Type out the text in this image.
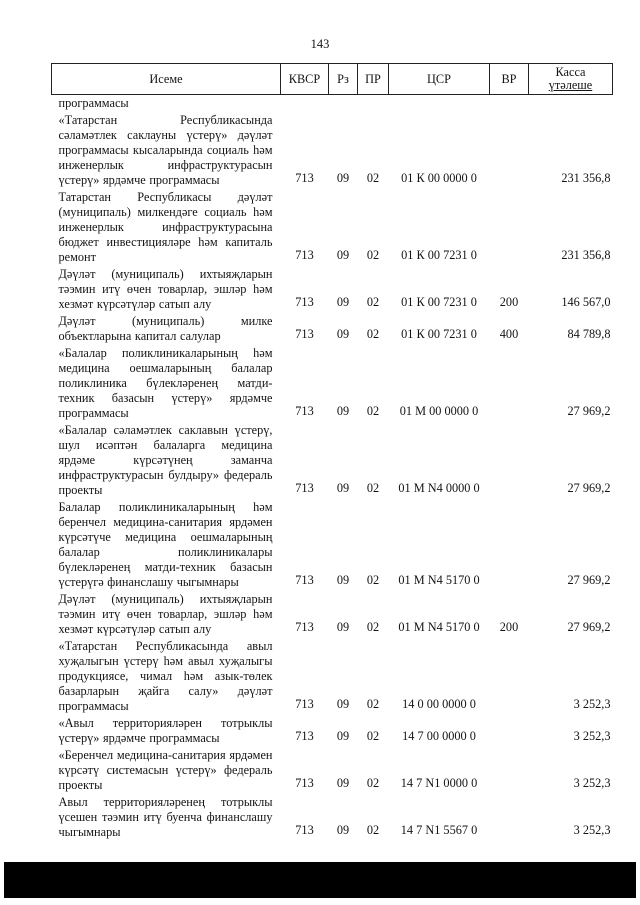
143
Исеме	КВСР	Рз	ПР	ЦСР	ВР	Касса
үтәлеше

программасы						
«Татарстан Республикасында сәламәтлек саклауны үстерү» дәүләт программасы кысаларында социаль һәм инженерлык инфраструктурасын үстерү» ярдәмче программасы	713	09	02	01 К 00 0000 0		231 356,8
Татарстан Республикасы дәүләт (муниципаль) милкендәге социаль һәм инженерлык инфраструктурасына бюджет инвестицияләре һәм капиталь ремонт	713	09	02	01 К 00 7231 0		231 356,8
Дәүләт (муниципаль) ихтыяҗларын тәэмин итү өчен товарлар, эшләр һәм хезмәт күрсәтүләр сатып алу	713	09	02	01 К 00 7231 0	200	146 567,0
Дәүләт (муниципаль) милке объектларына капитал салулар	713	09	02	01 К 00 7231 0	400	84 789,8
«Балалар поликлиникаларының һәм медицина оешмаларының балалар поликлиника бүлекләренең матди-техник базасын үстерү» ярдәмче программасы	713	09	02	01 М 00 0000 0		27 969,2
«Балалар сәламәтлек саклавын үстерү, шул исәптән балаларга медицина ярдәме күрсәтүнең заманча инфраструктурасын булдыру» федераль проекты	713	09	02	01 М N4 0000 0		27 969,2
Балалар поликлиникаларының һәм беренчел медицина-санитария ярдәмен күрсәтүче медицина оешмаларының балалар поликлиникалары бүлекләренең матди-техник базасын үстерүгә финанслашу чыгымнары	713	09	02	01 М N4 5170 0		27 969,2
Дәүләт (муниципаль) ихтыяҗларын тәэмин итү өчен товарлар, эшләр һәм хезмәт күрсәтүләр сатып алу	713	09	02	01 М N4 5170 0	200	27 969,2
«Татарстан Республикасында авыл хуҗалыгын үстерү һәм авыл хуҗалыгы продукциясе, чимал һәм азык-төлек базарларын җайга салу» дәүләт программасы	713	09	02	14 0 00 0000 0		3 252,3
«Авыл территорияләрен тотрыклы үстерү» ярдәмче программасы	713	09	02	14 7 00 0000 0		3 252,3
«Беренчел медицина-санитария ярдәмен күрсәтү системасын үстерү» федераль проекты	713	09	02	14 7 N1 0000 0		3 252,3
Авыл территорияләренең тотрыклы үсешен тәэмин итү буенча финанслашу чыгымнары	713	09	02	14 7 N1 5567 0		3 252,3
